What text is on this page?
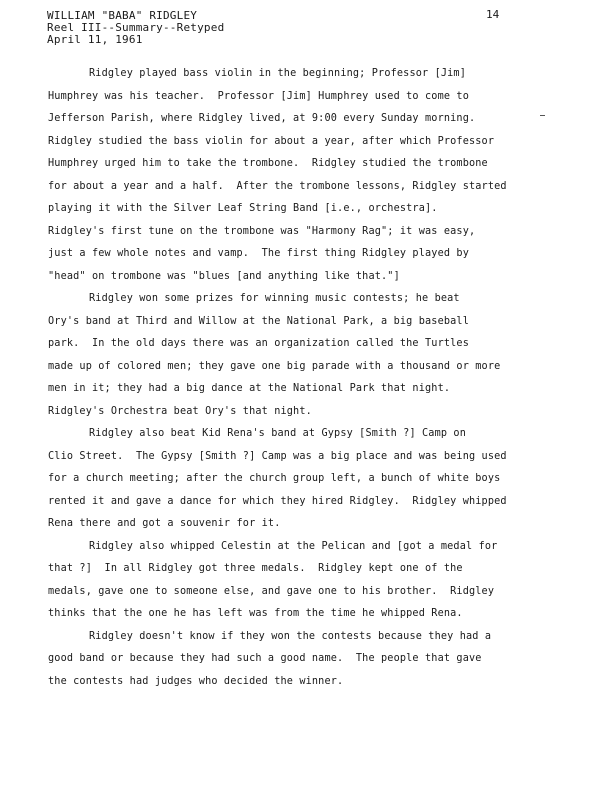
WILLIAM "BABA" RIDGLEY
Reel III--Summary--Retyped
April 11, 1961
14
Ridgley played bass violin in the beginning; Professor [Jim]
Humphrey was his teacher.  Professor [Jim] Humphrey used to come to
Jefferson Parish, where Ridgley lived, at 9:00 every Sunday morning.
Ridgley studied the bass violin for about a year, after which Professor
Humphrey urged him to take the trombone.  Ridgley studied the trombone
for about a year and a half.  After the trombone lessons, Ridgley started
playing it with the Silver Leaf String Band [i.e., orchestra].
Ridgley's first tune on the trombone was "Harmony Rag"; it was easy,
just a few whole notes and vamp.  The first thing Ridgley played by
"head" on trombone was "blues [and anything like that."]
Ridgley won some prizes for winning music contests; he beat
Ory's band at Third and Willow at the National Park, a big baseball
park.  In the old days there was an organization called the Turtles
made up of colored men; they gave one big parade with a thousand or more
men in it; they had a big dance at the National Park that night.
Ridgley's Orchestra beat Ory's that night.
Ridgley also beat Kid Rena's band at Gypsy [Smith ?] Camp on
Clio Street.  The Gypsy [Smith ?] Camp was a big place and was being used
for a church meeting; after the church group left, a bunch of white boys
rented it and gave a dance for which they hired Ridgley.  Ridgley whipped
Rena there and got a souvenir for it.
Ridgley also whipped Celestin at the Pelican and [got a medal for
that ?]  In all Ridgley got three medals.  Ridgley kept one of the
medals, gave one to someone else, and gave one to his brother.  Ridgley
thinks that the one he has left was from the time he whipped Rena.
Ridgley doesn't know if they won the contests because they had a
good band or because they had such a good name.  The people that gave
the contests had judges who decided the winner.
